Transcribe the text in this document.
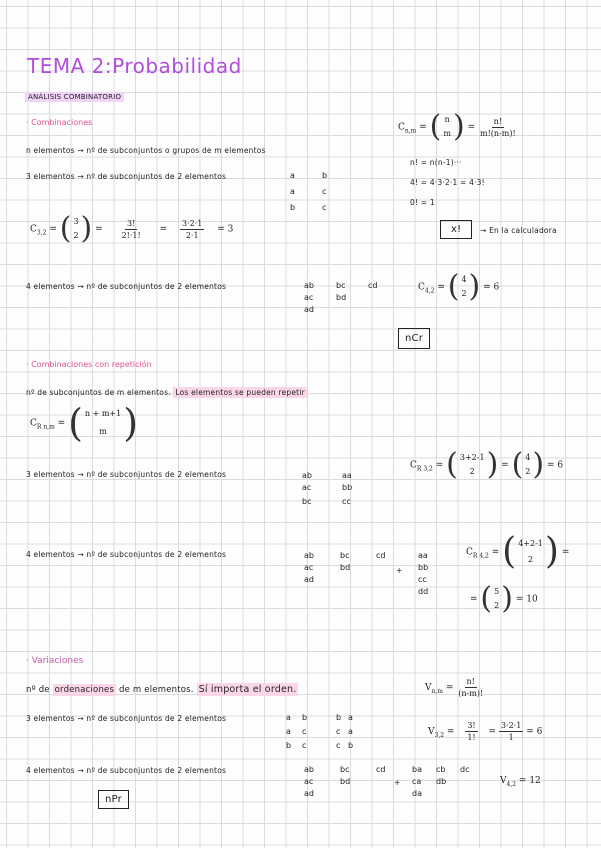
TEMA 2:Probabilidad
ANÁLISIS COMBINATORIO
· Combinaciones
n elementos → nº de subconjuntos o grupos de m elementos
$C_{n,m}$ = ( n
m ) = $\frac{n!}{m!(n-m)!}$
n! = n(n-1)···
4! = 4·3·2·1 = 4·3!
0! = 1
x!	→ En la calculadora
3 elementos → nº de subconjuntos de 2 elementos	a	b
a	c
b	c
$C_{3,2}$ = ( 3
2 ) = $\frac{3!}{2!\cdot 1!} = \frac{3\cdot 2\cdot 1}{2\cdot 1} = 3$
4 elementos → nº de subconjuntos de 2 elementos	ab	bc	cd
ac	bd
ad
$C_{4,2}$ = ( 4
2 ) = 6
nCr
· Combinaciones con repetición
nº de subconjuntos de m elementos. Los elementos se pueden repetir
$C_{R n,m}$ = ( n + m+1
m )
3 elementos → nº de subconjuntos de 2 elementos	ab	aa
ac	bb
bc	cc
$C_{R 3,2}$ = ( 3+2-1
2 ) = ( 4
2 ) = 6
4 elementos → nº de subconjuntos de 2 elementos	ab	bc	cd
ac	bd
ad
+
aa
bb
cc
dd
$C_{R 4,2}$ = ( 4+2-1
2 ) =
= ( 5
2 ) = 10
· Variaciones
nº de ordenaciones de m elementos. Sí importa el orden.	$V_{n,m} = \frac{n!}{(n-m)!}$
3 elementos → nº de subconjuntos de 2 elementos	a b	b a
a c	c a
b c	c b
$V_{3,2} = \frac{3!}{1!} = \frac{3\cdot 2\cdot 1}{1} = 6$
4 elementos → nº de subconjuntos de 2 elementos	ab	bc	cd
ac	bd
ad
+
ba cb dc
ca db
da
$V_{4,2} = 12$
nPr
